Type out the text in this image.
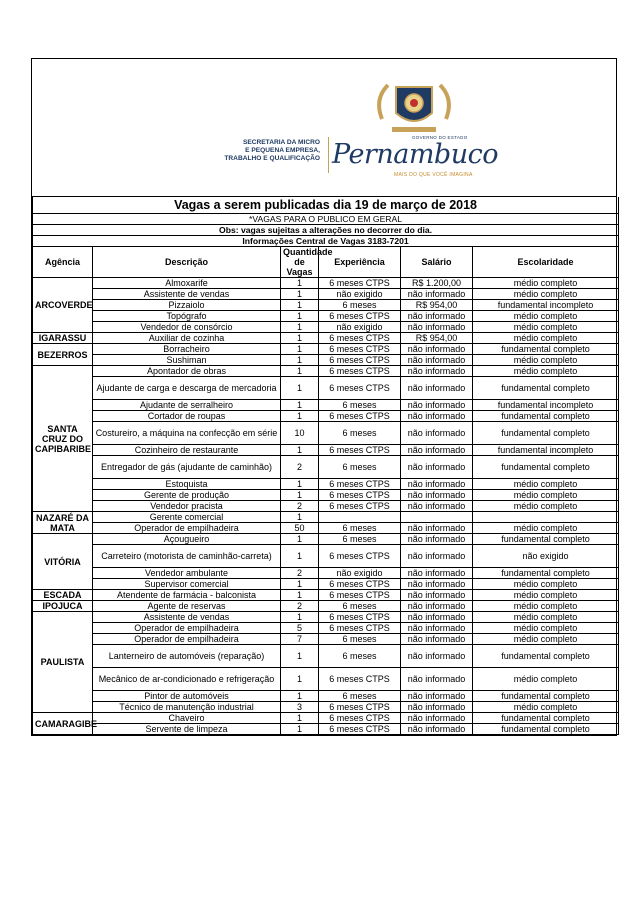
SECRETARIA DA MICRO
E PEQUENA EMPRESA,
TRABALHO E QUALIFICAÇÃO
GOVERNO DO ESTADO
Pernambuco
MAIS DO QUE VOCÊ IMAGINA
Vagas a serem publicadas dia 19 de março de 2018					
*VAGAS PARA O PUBLICO EM GERAL					
Obs: vagas sujeitas a alterações no decorrer do dia.					
Informações Central de Vagas 3183-7201					
Agência	Descrição	Quantidade de Vagas	Experiência	Salário	Escolaridade
ARCOVERDE	Almoxarife	1	6 meses CTPS	R$ 1.200,00	médio completo
	Assistente de vendas	1	não exigido	não informado	médio completo
	Pizzaiolo	1	6 meses	R$ 954,00	fundamental incompleto
	Topógrafo	1	6 meses CTPS	não informado	médio completo
	Vendedor de consórcio	1	não exigido	não informado	médio completo
IGARASSU	Auxiliar de cozinha	1	6 meses CTPS	R$ 954,00	médio completo
BEZERROS	Borracheiro	1	6 meses CTPS	não informado	fundamental completo
	Sushiman	1	6 meses CTPS	não informado	médio completo
SANTA CRUZ DO CAPIBARIBE	Apontador de obras	1	6 meses CTPS	não informado	médio completo
	Ajudante de carga e descarga de mercadoria	1	6 meses CTPS	não informado	fundamental completo
	Ajudante de serralheiro	1	6 meses	não informado	fundamental incompleto
	Cortador de roupas	1	6 meses CTPS	não informado	fundamental completo
	Costureiro, a máquina na confecção em série	10	6 meses	não informado	fundamental completo
	Cozinheiro de restaurante	1	6 meses CTPS	não informado	fundamental incompleto
	Entregador de gás (ajudante de caminhão)	2	6 meses	não informado	fundamental completo
	Estoquista	1	6 meses CTPS	não informado	médio completo
	Gerente de produção	1	6 meses CTPS	não informado	médio completo
	Vendedor pracista	2	6 meses CTPS	não informado	médio completo
NAZARÉ DA MATA	Gerente comercial	1			
	Operador de empilhadeira	50	6 meses	não informado	médio completo
VITÓRIA	Açougueiro	1	6 meses	não informado	fundamental completo
	Carreteiro (motorista de caminhão-carreta)	1	6 meses CTPS	não informado	não exigido
	Vendedor ambulante	2	não exigido	não informado	fundamental completo
	Supervisor comercial	1	6 meses CTPS	não informado	médio completo
ESCADA	Atendente de farmácia - balconista	1	6 meses CTPS	não informado	médio completo
IPOJUCA	Agente de reservas	2	6 meses	não informado	médio completo
PAULISTA	Assistente de vendas	1	6 meses CTPS	não informado	médio completo
	Operador de empilhadeira	5	6 meses CTPS	não informado	médio completo
	Operador de empilhadeira	7	6 meses	não informado	médio completo
	Lanterneiro de automóveis (reparação)	1	6 meses	não informado	fundamental completo
	Mecânico de ar-condicionado e refrigeração	1	6 meses CTPS	não informado	médio completo
	Pintor de automóveis	1	6 meses	não informado	fundamental completo
	Técnico de manutenção industrial	3	6 meses CTPS	não informado	médio completo
CAMARAGIBE	Chaveiro	1	6 meses CTPS	não informado	fundamental completo
	Servente de limpeza	1	6 meses CTPS	não informado	fundamental completo
